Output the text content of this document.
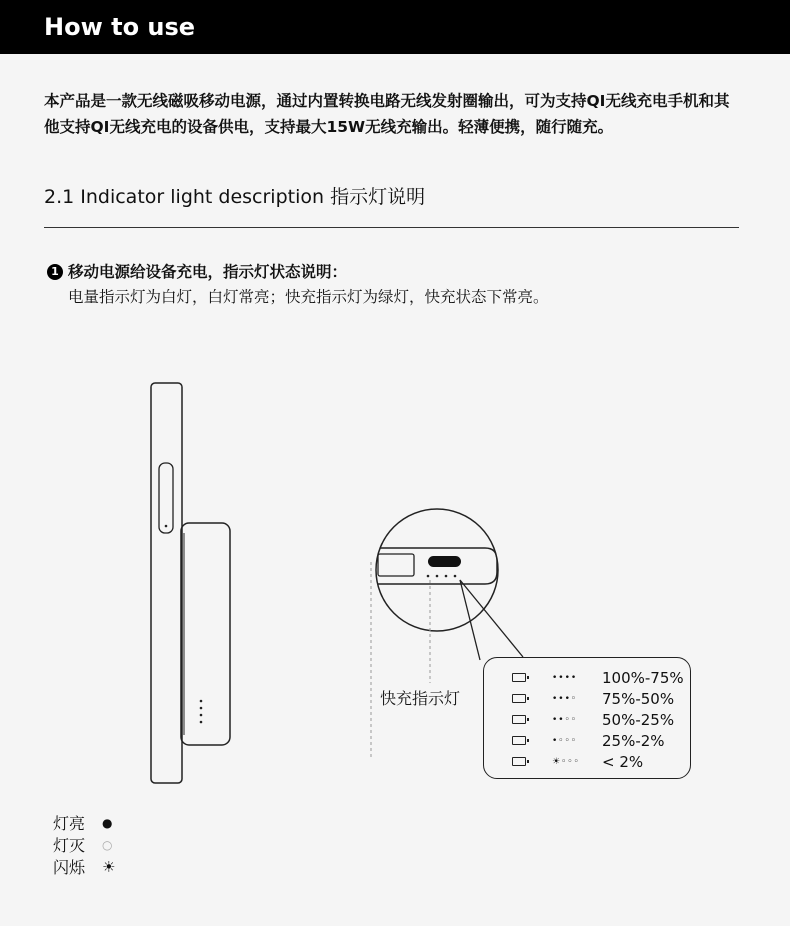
How to use

本产品是一款无线磁吸移动电源，通过内置转换电路无线发射圈输出，可为支持QI无线充电手机和其他支持QI无线充电的设备供电，支持最大15W无线充输出。轻薄便携，随行随充。

2.1 Indicator light description 指示灯说明
1 移动电源给设备充电，指示灯状态说明：
电量指示灯为白灯，白灯常亮；快充指示灯为绿灯，快充状态下常亮。
快充指示灯
•••• 100%-75%
•••◦ 75%-50%
••◦◦ 50%-25%
•◦◦◦ 25%-2%
☀◦◦◦ < 2%
灯亮 ●
灯灭 ○
闪烁 ☀
